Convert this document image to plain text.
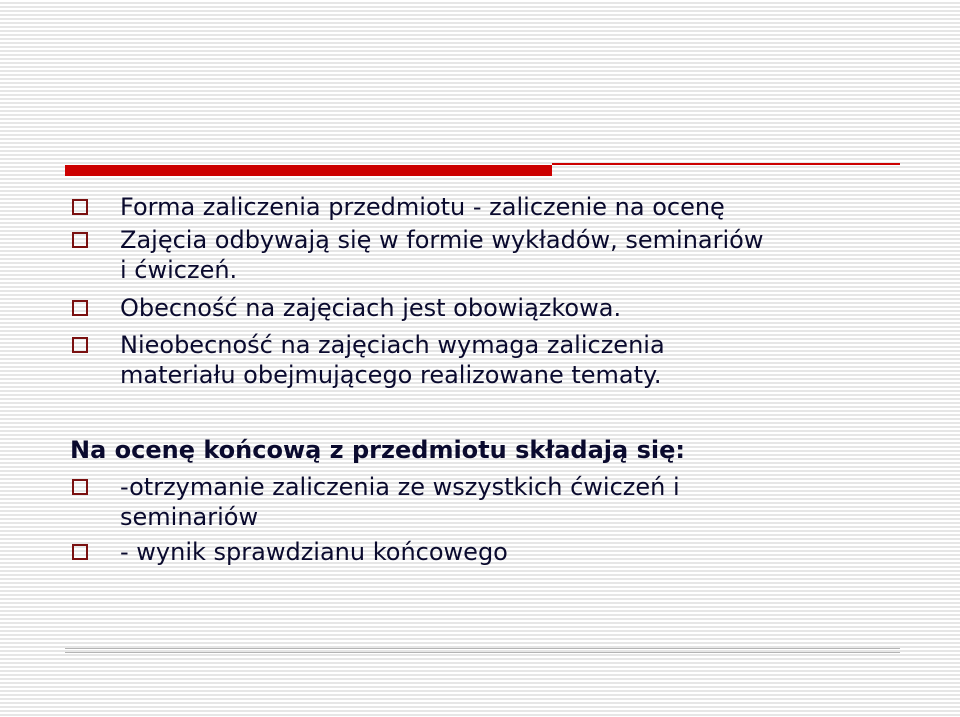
Forma zaliczenia przedmiotu - zaliczenie na ocenę
Zajęcia odbywają się w formie wykładów, seminariów
i ćwiczeń.
Obecność na zajęciach jest obowiązkowa.
Nieobecność na zajęciach wymaga zaliczenia
materiału obejmującego realizowane tematy.
Na ocenę końcową z przedmiotu składają się:
-otrzymanie zaliczenia ze wszystkich ćwiczeń i
seminariów
- wynik sprawdzianu końcowego
